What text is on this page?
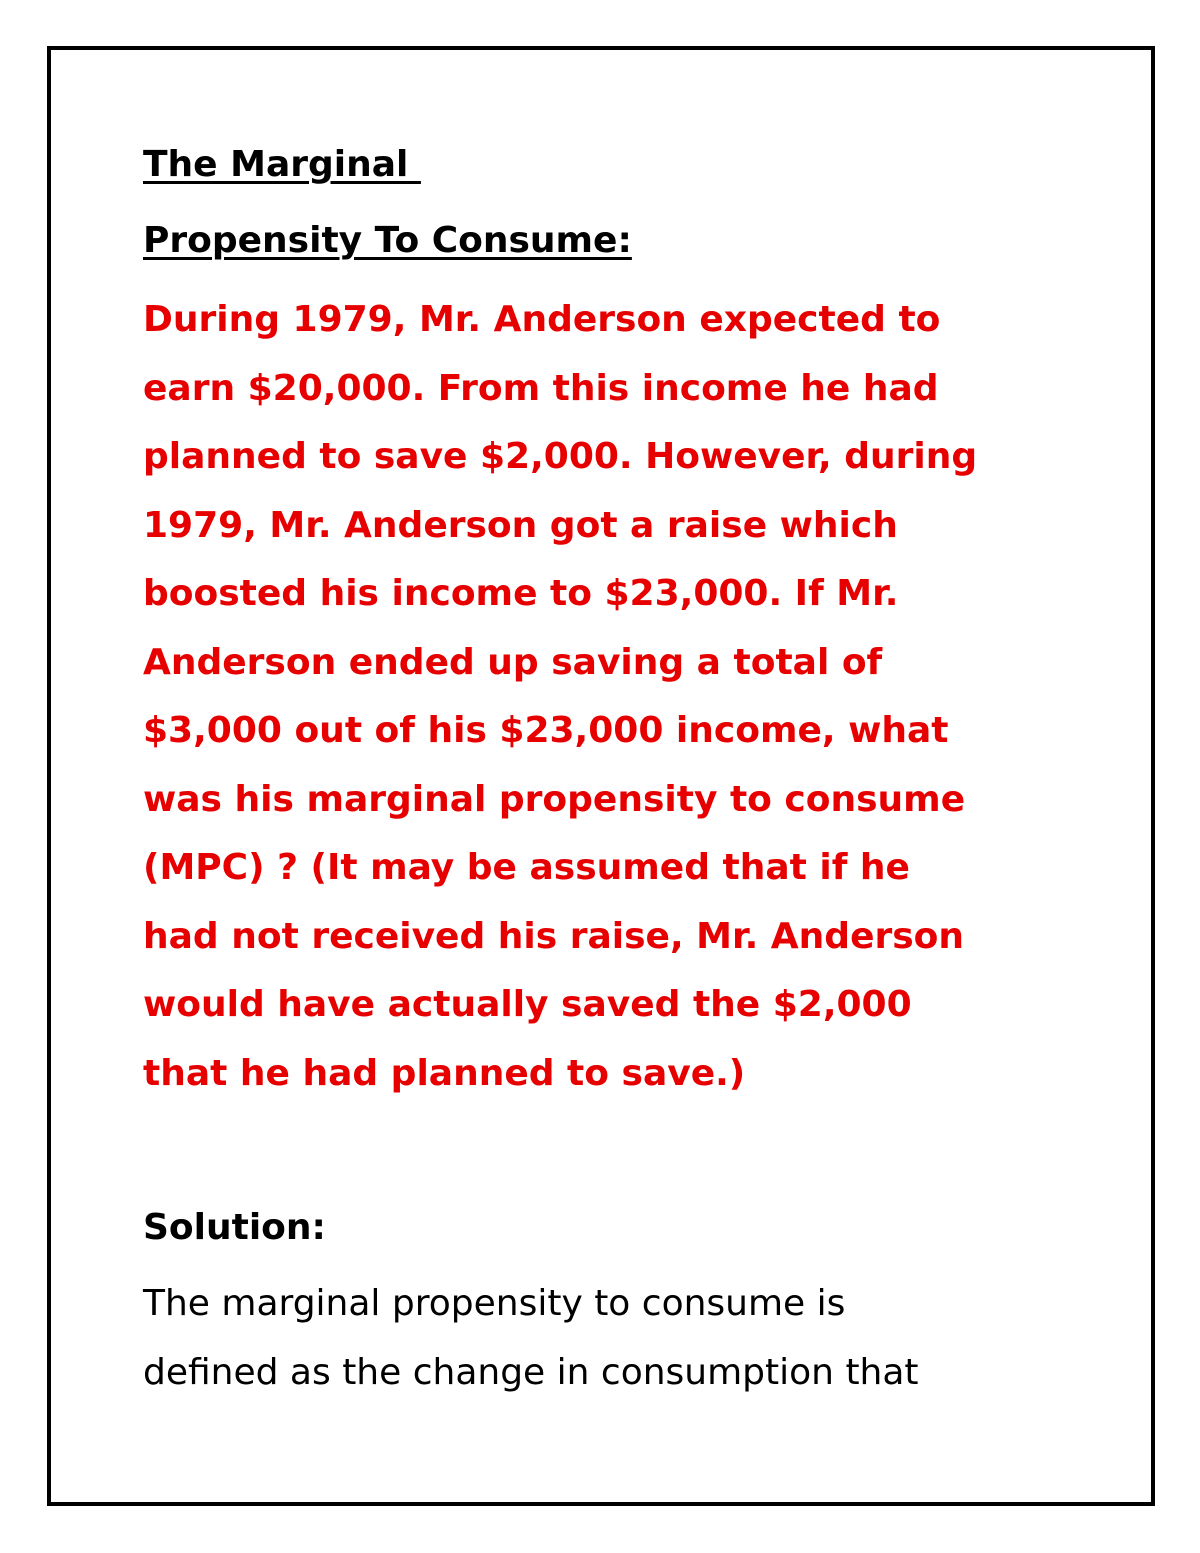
The Marginal

Propensity To Consume:

During 1979, Mr. Anderson expected to

earn $20,000. From this income he had

planned to save $2,000. However, during

1979, Mr. Anderson got a raise which

boosted his income to $23,000. If Mr.

Anderson ended up saving a total of

$3,000 out of his $23,000 income, what

was his marginal propensity to consume

(MPC) ? (It may be assumed that if he

had not received his raise, Mr. Anderson

would have actually saved the $2,000

that he had planned to save.)

Solution:

The marginal propensity to consume is

defined as the change in consumption that
